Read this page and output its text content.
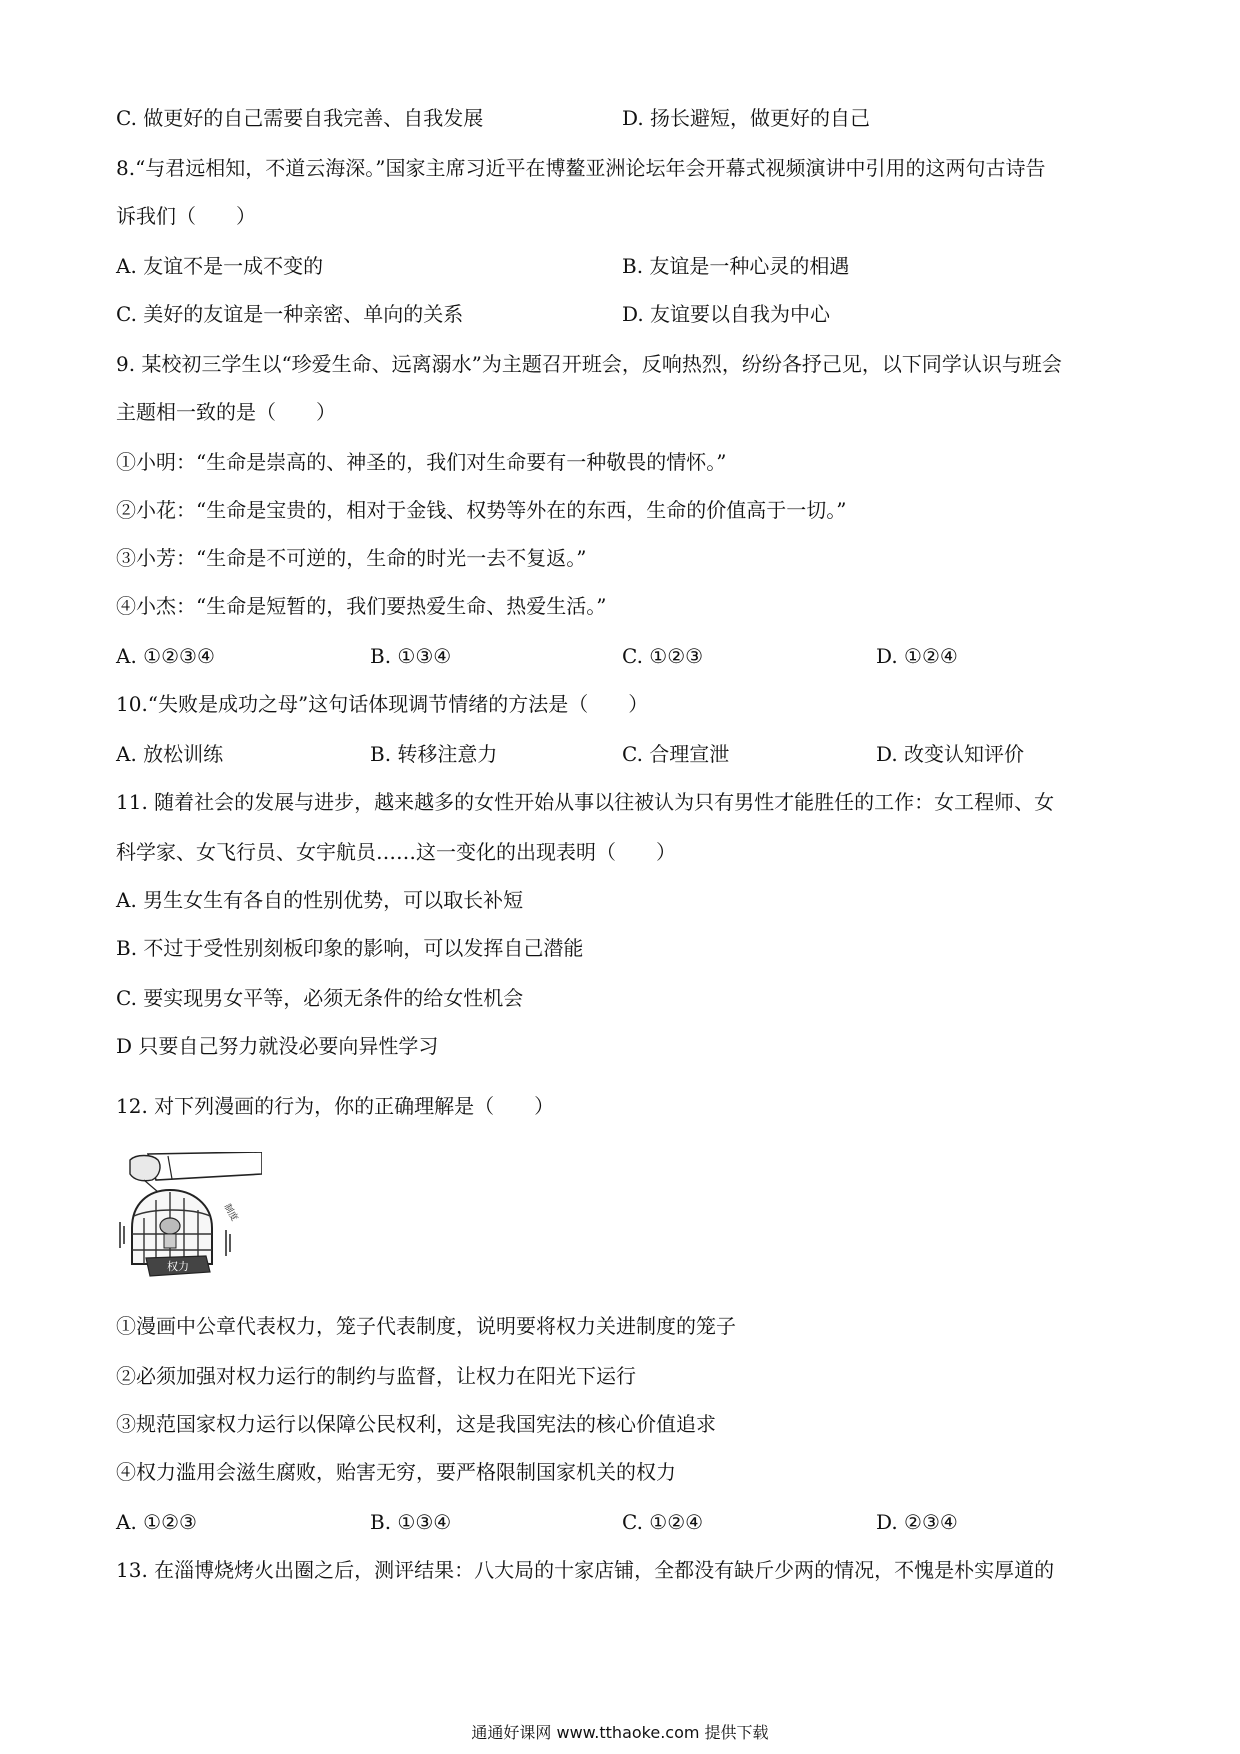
C. 做更好的自己需要自我完善、自我发展	D. 扬长避短，做更好的自己
8.“与君远相知，不道云海深。”国家主席习近平在博鳌亚洲论坛年会开幕式视频演讲中引用的这两句古诗告
诉我们（　　）
A. 友谊不是一成不变的	B. 友谊是一种心灵的相遇
C. 美好的友谊是一种亲密、单向的关系	D. 友谊要以自我为中心
9. 某校初三学生以“珍爱生命、远离溺水”为主题召开班会，反响热烈，纷纷各抒己见，以下同学认识与班会
主题相一致的是（　　）
①小明：“生命是崇高的、神圣的，我们对生命要有一种敬畏的情怀。”
②小花：“生命是宝贵的，相对于金钱、权势等外在的东西，生命的价值高于一切。”
③小芳：“生命是不可逆的，生命的时光一去不复返。”
④小杰：“生命是短暂的，我们要热爱生命、热爱生活。”
A. ①②③④	B. ①③④	C. ①②③	D. ①②④
10.“失败是成功之母”这句话体现调节情绪的方法是（　　）
A. 放松训练	B. 转移注意力	C. 合理宣泄	D. 改变认知评价
11. 随着社会的发展与进步，越来越多的女性开始从事以往被认为只有男性才能胜任的工作：女工程师、女
科学家、女飞行员、女宇航员……这一变化的出现表明（　　）
A. 男生女生有各自的性别优势，可以取长补短
B. 不过于受性别刻板印象的影响，可以发挥自己潜能
C. 要实现男女平等，必须无条件的给女性机会
D 只要自己努力就没必要向异性学习
12. 对下列漫画的行为，你的正确理解是（　　）
权力
制度
①漫画中公章代表权力，笼子代表制度，说明要将权力关进制度的笼子
②必须加强对权力运行的制约与监督，让权力在阳光下运行
③规范国家权力运行以保障公民权利，这是我国宪法的核心价值追求
④权力滥用会滋生腐败，贻害无穷，要严格限制国家机关的权力
A. ①②③	B. ①③④	C. ①②④	D. ②③④
13. 在淄博烧烤火出圈之后，测评结果：八大局的十家店铺，全都没有缺斤少两的情况，不愧是朴实厚道的
通通好课网 www.tthaoke.com 提供下载
